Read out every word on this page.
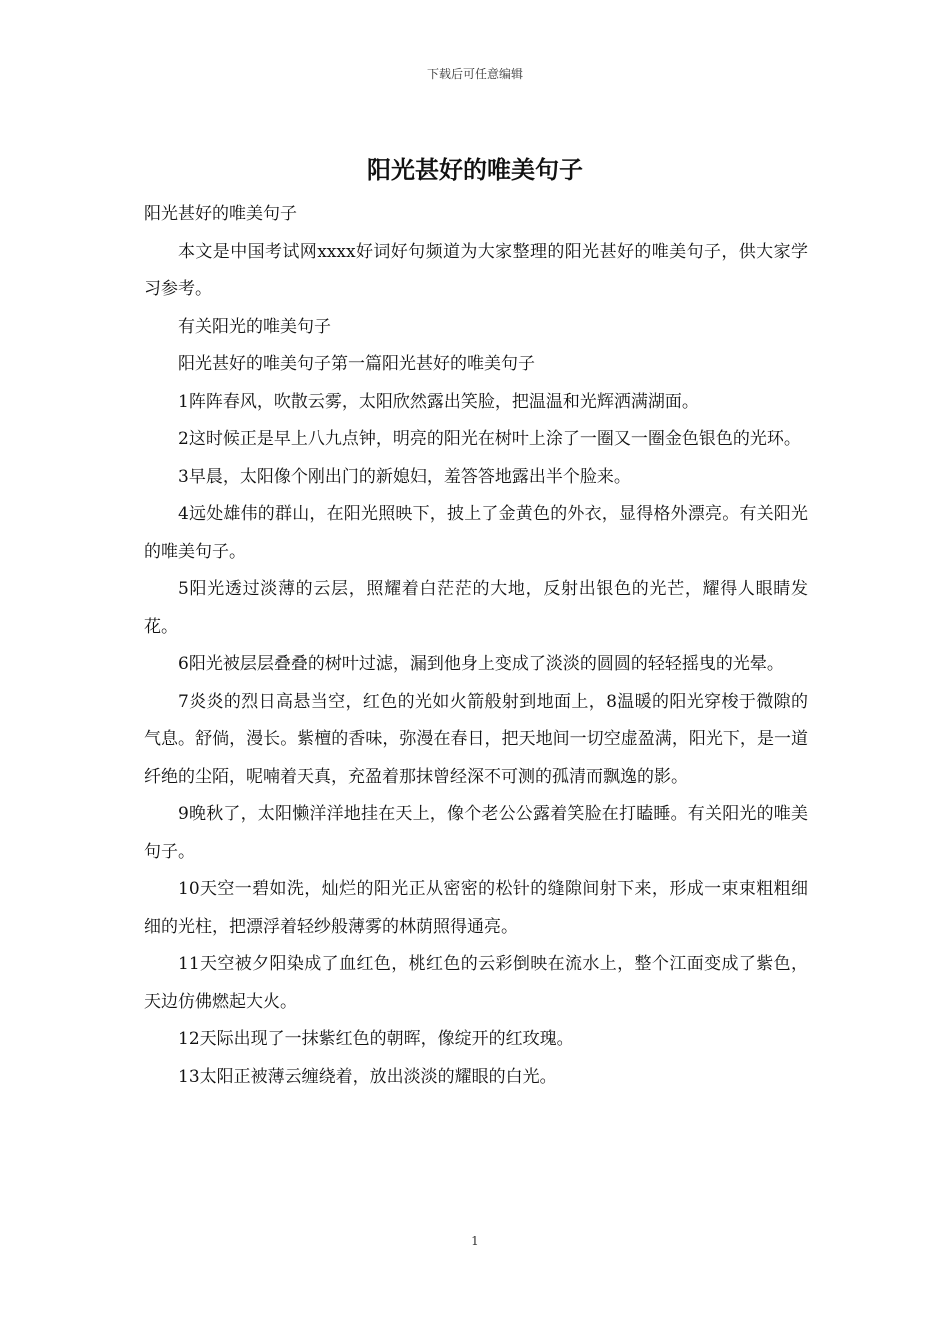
下载后可任意编辑
阳光甚好的唯美句子

阳光甚好的唯美句子

本文是中国考试网xxxx好词好句频道为大家整理的阳光甚好的唯美句子，供大家学习参考。

有关阳光的唯美句子

阳光甚好的唯美句子第一篇阳光甚好的唯美句子

1阵阵春风，吹散云雾，太阳欣然露出笑脸，把温温和光辉洒满湖面。

2这时候正是早上八九点钟，明亮的阳光在树叶上涂了一圈又一圈金色银色的光环。

3早晨，太阳像个刚出门的新媳妇，羞答答地露出半个脸来。

4远处雄伟的群山，在阳光照映下，披上了金黄色的外衣，显得格外漂亮。有关阳光的唯美句子。

5阳光透过淡薄的云层，照耀着白茫茫的大地，反射出银色的光芒，耀得人眼睛发花。

6阳光被层层叠叠的树叶过滤，漏到他身上变成了淡淡的圆圆的轻轻摇曳的光晕。

7炎炎的烈日高悬当空，红色的光如火箭般射到地面上，8温暖的阳光穿梭于微隙的气息。舒倘，漫长。紫檀的香味，弥漫在春日，把天地间一切空虚盈满，阳光下，是一道纤绝的尘陌，呢喃着天真，充盈着那抹曾经深不可测的孤清而飘逸的影。

9晚秋了，太阳懒洋洋地挂在天上，像个老公公露着笑脸在打瞌睡。有关阳光的唯美句子。

10天空一碧如洗，灿烂的阳光正从密密的松针的缝隙间射下来，形成一束束粗粗细细的光柱，把漂浮着轻纱般薄雾的林荫照得通亮。

11天空被夕阳染成了血红色，桃红色的云彩倒映在流水上，整个江面变成了紫色，天边仿佛燃起大火。

12天际出现了一抹紫红色的朝晖，像绽开的红玫瑰。

13太阳正被薄云缠绕着，放出淡淡的耀眼的白光。

1
